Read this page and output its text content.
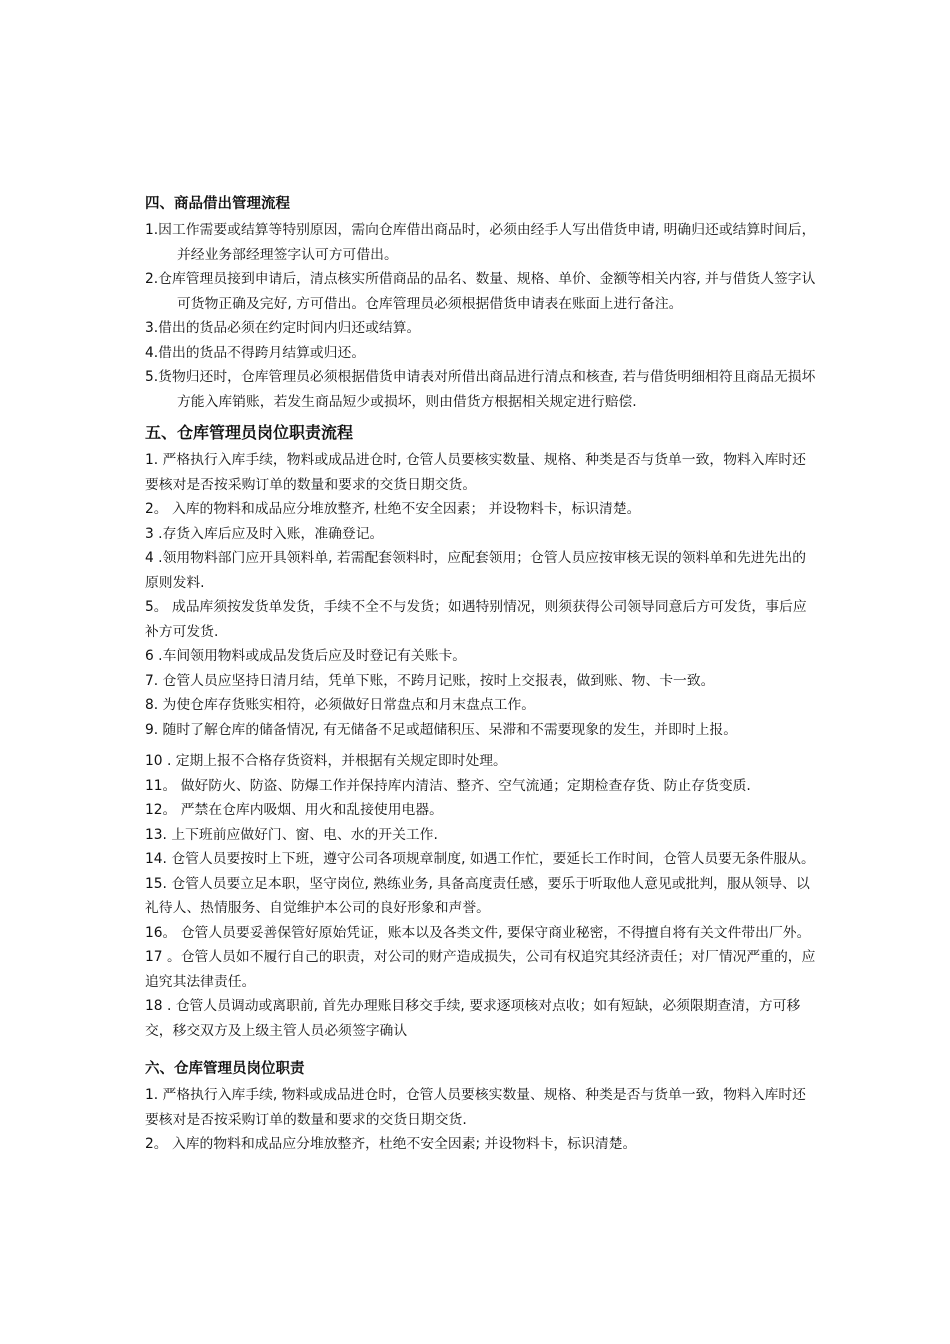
四、商品借出管理流程

1.因工作需要或结算等特别原因，需向仓库借出商品时，必须由经手人写出借货申请, 明确归还或结算时间后，并经业务部经理签字认可方可借出。

2.仓库管理员接到申请后，清点核实所借商品的品名、数量、规格、单价、金额等相关内容, 并与借货人签字认可货物正确及完好, 方可借出。仓库管理员必须根据借货申请表在账面上进行备注。

3.借出的货品必须在约定时间内归还或结算。

4.借出的货品不得跨月结算或归还。

5.货物归还时，仓库管理员必须根据借货申请表对所借出商品进行清点和核查, 若与借货明细相符且商品无损坏方能入库销账，若发生商品短少或损坏，则由借货方根据相关规定进行赔偿.

五、仓库管理员岗位职责流程

1. 严格执行入库手续，物料或成品进仓时, 仓管人员要核实数量、规格、种类是否与货单一致，物料入库时还要核对是否按采购订单的数量和要求的交货日期交货。

2。 入库的物料和成品应分堆放整齐, 杜绝不安全因素； 并设物料卡，标识清楚。

3 .存货入库后应及时入账，准确登记。

4 .领用物料部门应开具领料单, 若需配套领料时，应配套领用；仓管人员应按审核无误的领料单和先进先出的原则发料.

5。 成品库须按发货单发货，手续不全不与发货；如遇特别情况，则须获得公司领导同意后方可发货，事后应补方可发货.

6 .车间领用物料或成品发货后应及时登记有关账卡。

7. 仓管人员应坚持日清月结，凭单下账，不跨月记账，按时上交报表，做到账、物、卡一致。

8. 为使仓库存货账实相符，必须做好日常盘点和月末盘点工作。

9. 随时了解仓库的储备情况, 有无储备不足或超储积压、呆滞和不需要现象的发生，并即时上报。

10 . 定期上报不合格存货资料，并根据有关规定即时处理。

11。 做好防火、防盗、防爆工作并保持库内清洁、整齐、空气流通；定期检查存货、防止存货变质.

12。 严禁在仓库内吸烟、用火和乱接使用电器。

13. 上下班前应做好门、窗、电、水的开关工作.

14. 仓管人员要按时上下班，遵守公司各项规章制度, 如遇工作忙，要延长工作时间，仓管人员要无条件服从。

15. 仓管人员要立足本职，坚守岗位, 熟练业务, 具备高度责任感，要乐于听取他人意见或批判，服从领导、以礼待人、热情服务、自觉维护本公司的良好形象和声誉。

16。 仓管人员要妥善保管好原始凭证，账本以及各类文件, 要保守商业秘密，不得擅自将有关文件带出厂外。

17 。仓管人员如不履行自己的职责，对公司的财产造成损失，公司有权追究其经济责任；对厂情况严重的，应追究其法律责任。

18 . 仓管人员调动或离职前, 首先办理账目移交手续, 要求逐项核对点收；如有短缺，必须限期查清，方可移交，移交双方及上级主管人员必须签字确认

六、仓库管理员岗位职责

1. 严格执行入库手续, 物料或成品进仓时，仓管人员要核实数量、规格、种类是否与货单一致，物料入库时还要核对是否按采购订单的数量和要求的交货日期交货.

2。 入库的物料和成品应分堆放整齐，杜绝不安全因素; 并设物料卡，标识清楚。
